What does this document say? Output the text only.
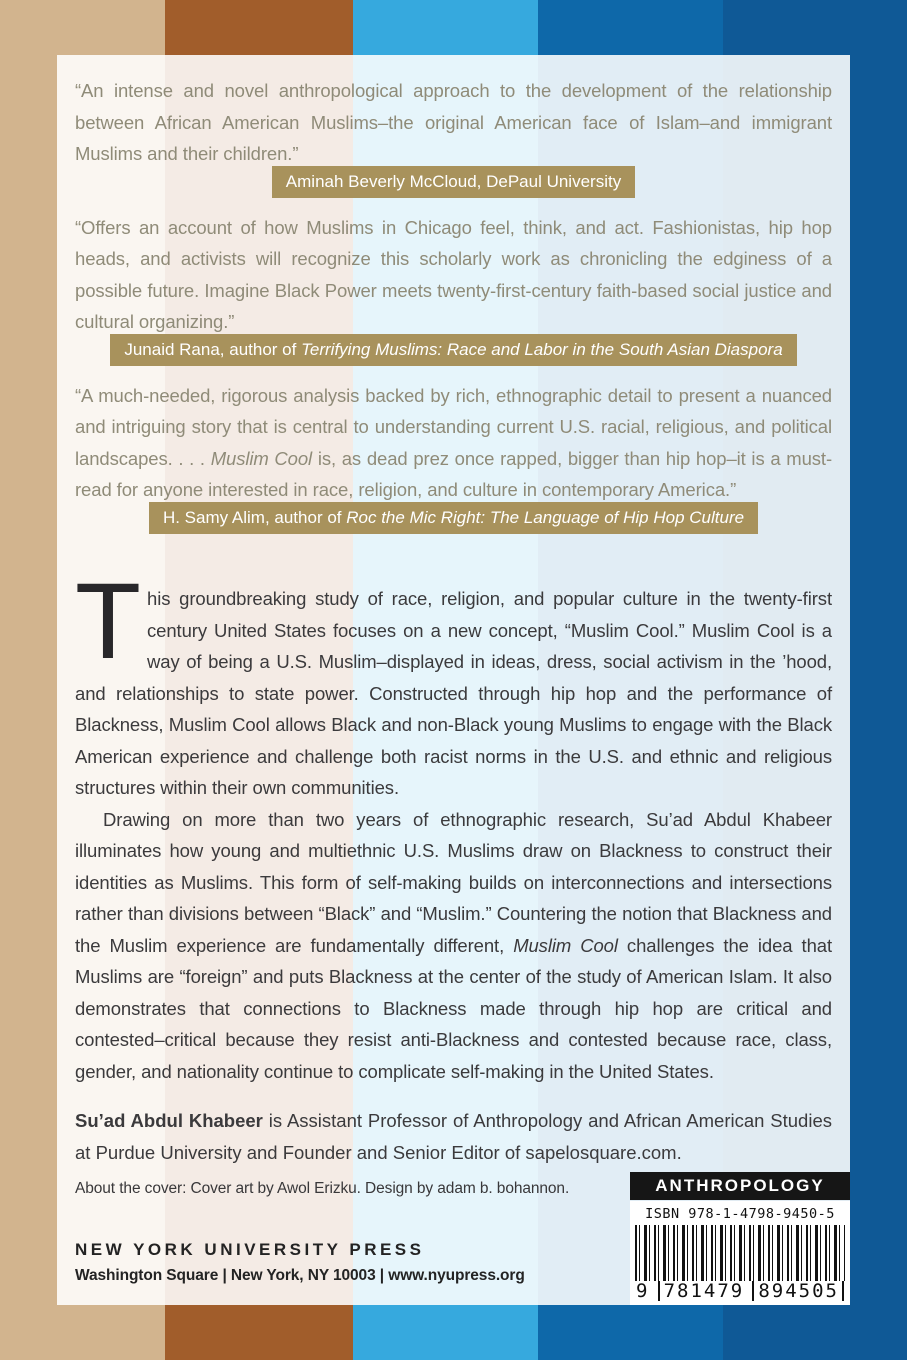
“An intense and novel anthropological approach to the development of the relationship between African American Muslims–the original American face of Islam–and immigrant Muslims and their children.”

Aminah Beverly McCloud, DePaul University

“Offers an account of how Muslims in Chicago feel, think, and act. Fashionistas, hip hop heads, and activists will recognize this scholarly work as chronicling the edginess of a possible future. Imagine Black Power meets twenty-first-century faith-based social justice and cultural organizing.”

Junaid Rana, author of Terrifying Muslims: Race and Labor in the South Asian Diaspora

“A much-needed, rigorous analysis backed by rich, ethnographic detail to present a nuanced and intriguing story that is central to understanding current U.S. racial, religious, and political landscapes. . . . Muslim Cool is, as dead prez once rapped, bigger than hip hop–it is a must-read for anyone interested in race, religion, and culture in contemporary America.”

H. Samy Alim, author of Roc the Mic Right: The Language of Hip Hop Culture

This groundbreaking study of race, religion, and popular culture in the twenty-first century United States focuses on a new concept, “Muslim Cool.” Muslim Cool is a way of being a U.S. Muslim–displayed in ideas, dress, social activism in the ’hood, and relationships to state power. Constructed through hip hop and the performance of Blackness, Muslim Cool allows Black and non-Black young Muslims to engage with the Black American experience and challenge both racist norms in the U.S. and ethnic and religious structures within their own communities.

Drawing on more than two years of ethnographic research, Su’ad Abdul Khabeer illuminates how young and multiethnic U.S. Muslims draw on Blackness to construct their identities as Muslims. This form of self-making builds on interconnections and intersections rather than divisions between “Black” and “Muslim.” Countering the notion that Blackness and the Muslim experience are fundamentally different, Muslim Cool challenges the idea that Muslims are “foreign” and puts Blackness at the center of the study of American Islam. It also demonstrates that connections to Blackness made through hip hop are critical and contested–critical because they resist anti-Blackness and contested because race, class, gender, and nationality continue to complicate self-making in the United States.

Su’ad Abdul Khabeer is Assistant Professor of Anthropology and African American Studies at Purdue University and Founder and Senior Editor of sapelosquare.com.

About the cover: Cover art by Awol Erizku. Design by adam b. bohannon.
NEW YORK UNIVERSITY PRESS
Washington Square | New York, NY 10003 | www.nyupress.org
ANTHROPOLOGY
ISBN 978-1-4798-9450-5
9 781479 894505
